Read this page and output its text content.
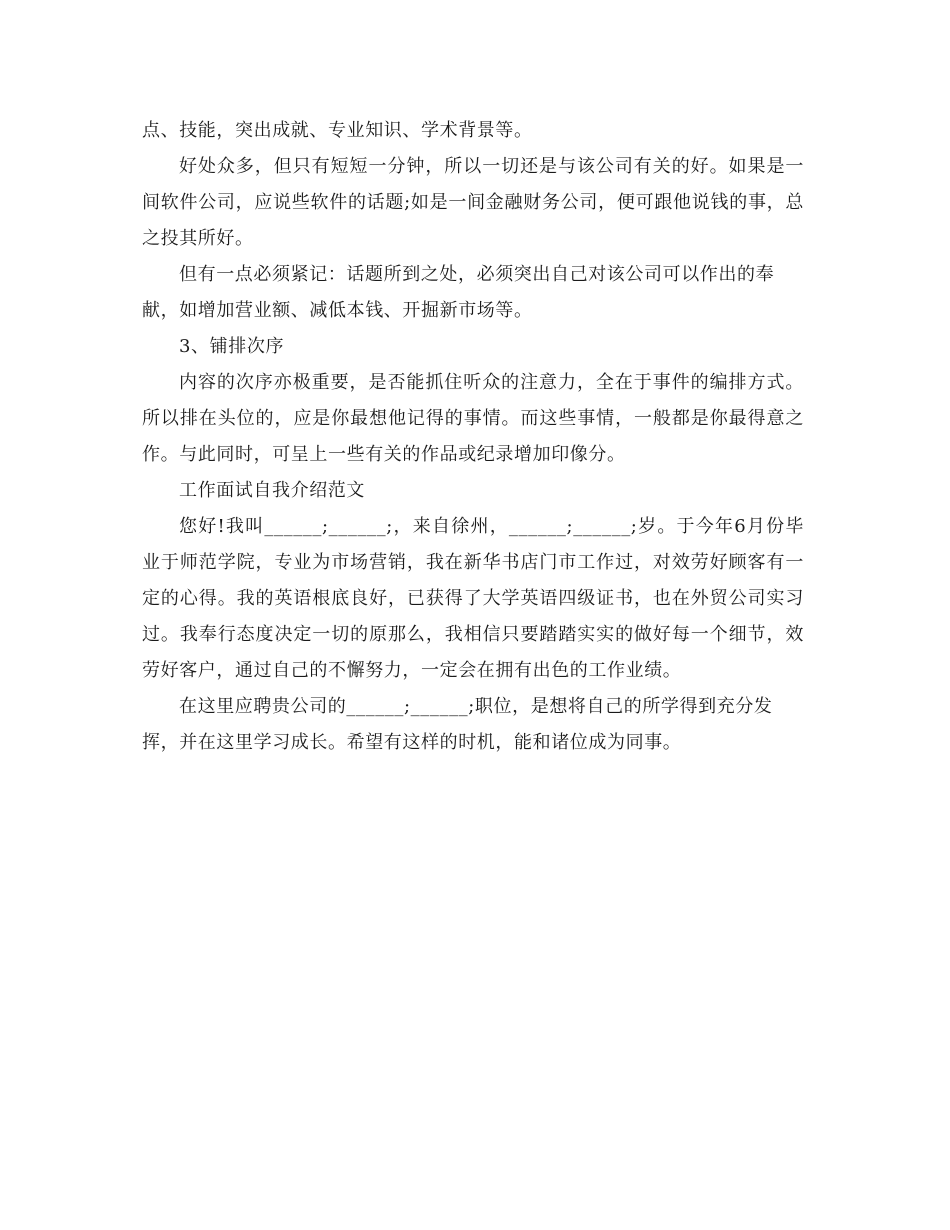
点、技能，突出成就、专业知识、学术背景等。
好处众多，但只有短短一分钟，所以一切还是与该公司有关的好。如果是一
间软件公司，应说些软件的话题;如是一间金融财务公司，便可跟他说钱的事，总
之投其所好。
但有一点必须紧记：话题所到之处，必须突出自己对该公司可以作出的奉
献，如增加营业额、减低本钱、开掘新市场等。
3、铺排次序
内容的次序亦极重要，是否能抓住听众的注意力，全在于事件的编排方式。
所以排在头位的，应是你最想他记得的事情。而这些事情，一般都是你最得意之
作。与此同时，可呈上一些有关的作品或纪录增加印像分。
工作面试自我介绍范文
您好!我叫______;______;，来自徐州，______;______;岁。于今年6月份毕
业于师范学院，专业为市场营销，我在新华书店门市工作过，对效劳好顾客有一
定的心得。我的英语根底良好，已获得了大学英语四级证书，也在外贸公司实习
过。我奉行态度决定一切的原那么，我相信只要踏踏实实的做好每一个细节，效
劳好客户，通过自己的不懈努力，一定会在拥有出色的工作业绩。
在这里应聘贵公司的______;______;职位，是想将自己的所学得到充分发
挥，并在这里学习成长。希望有这样的时机，能和诸位成为同事。
